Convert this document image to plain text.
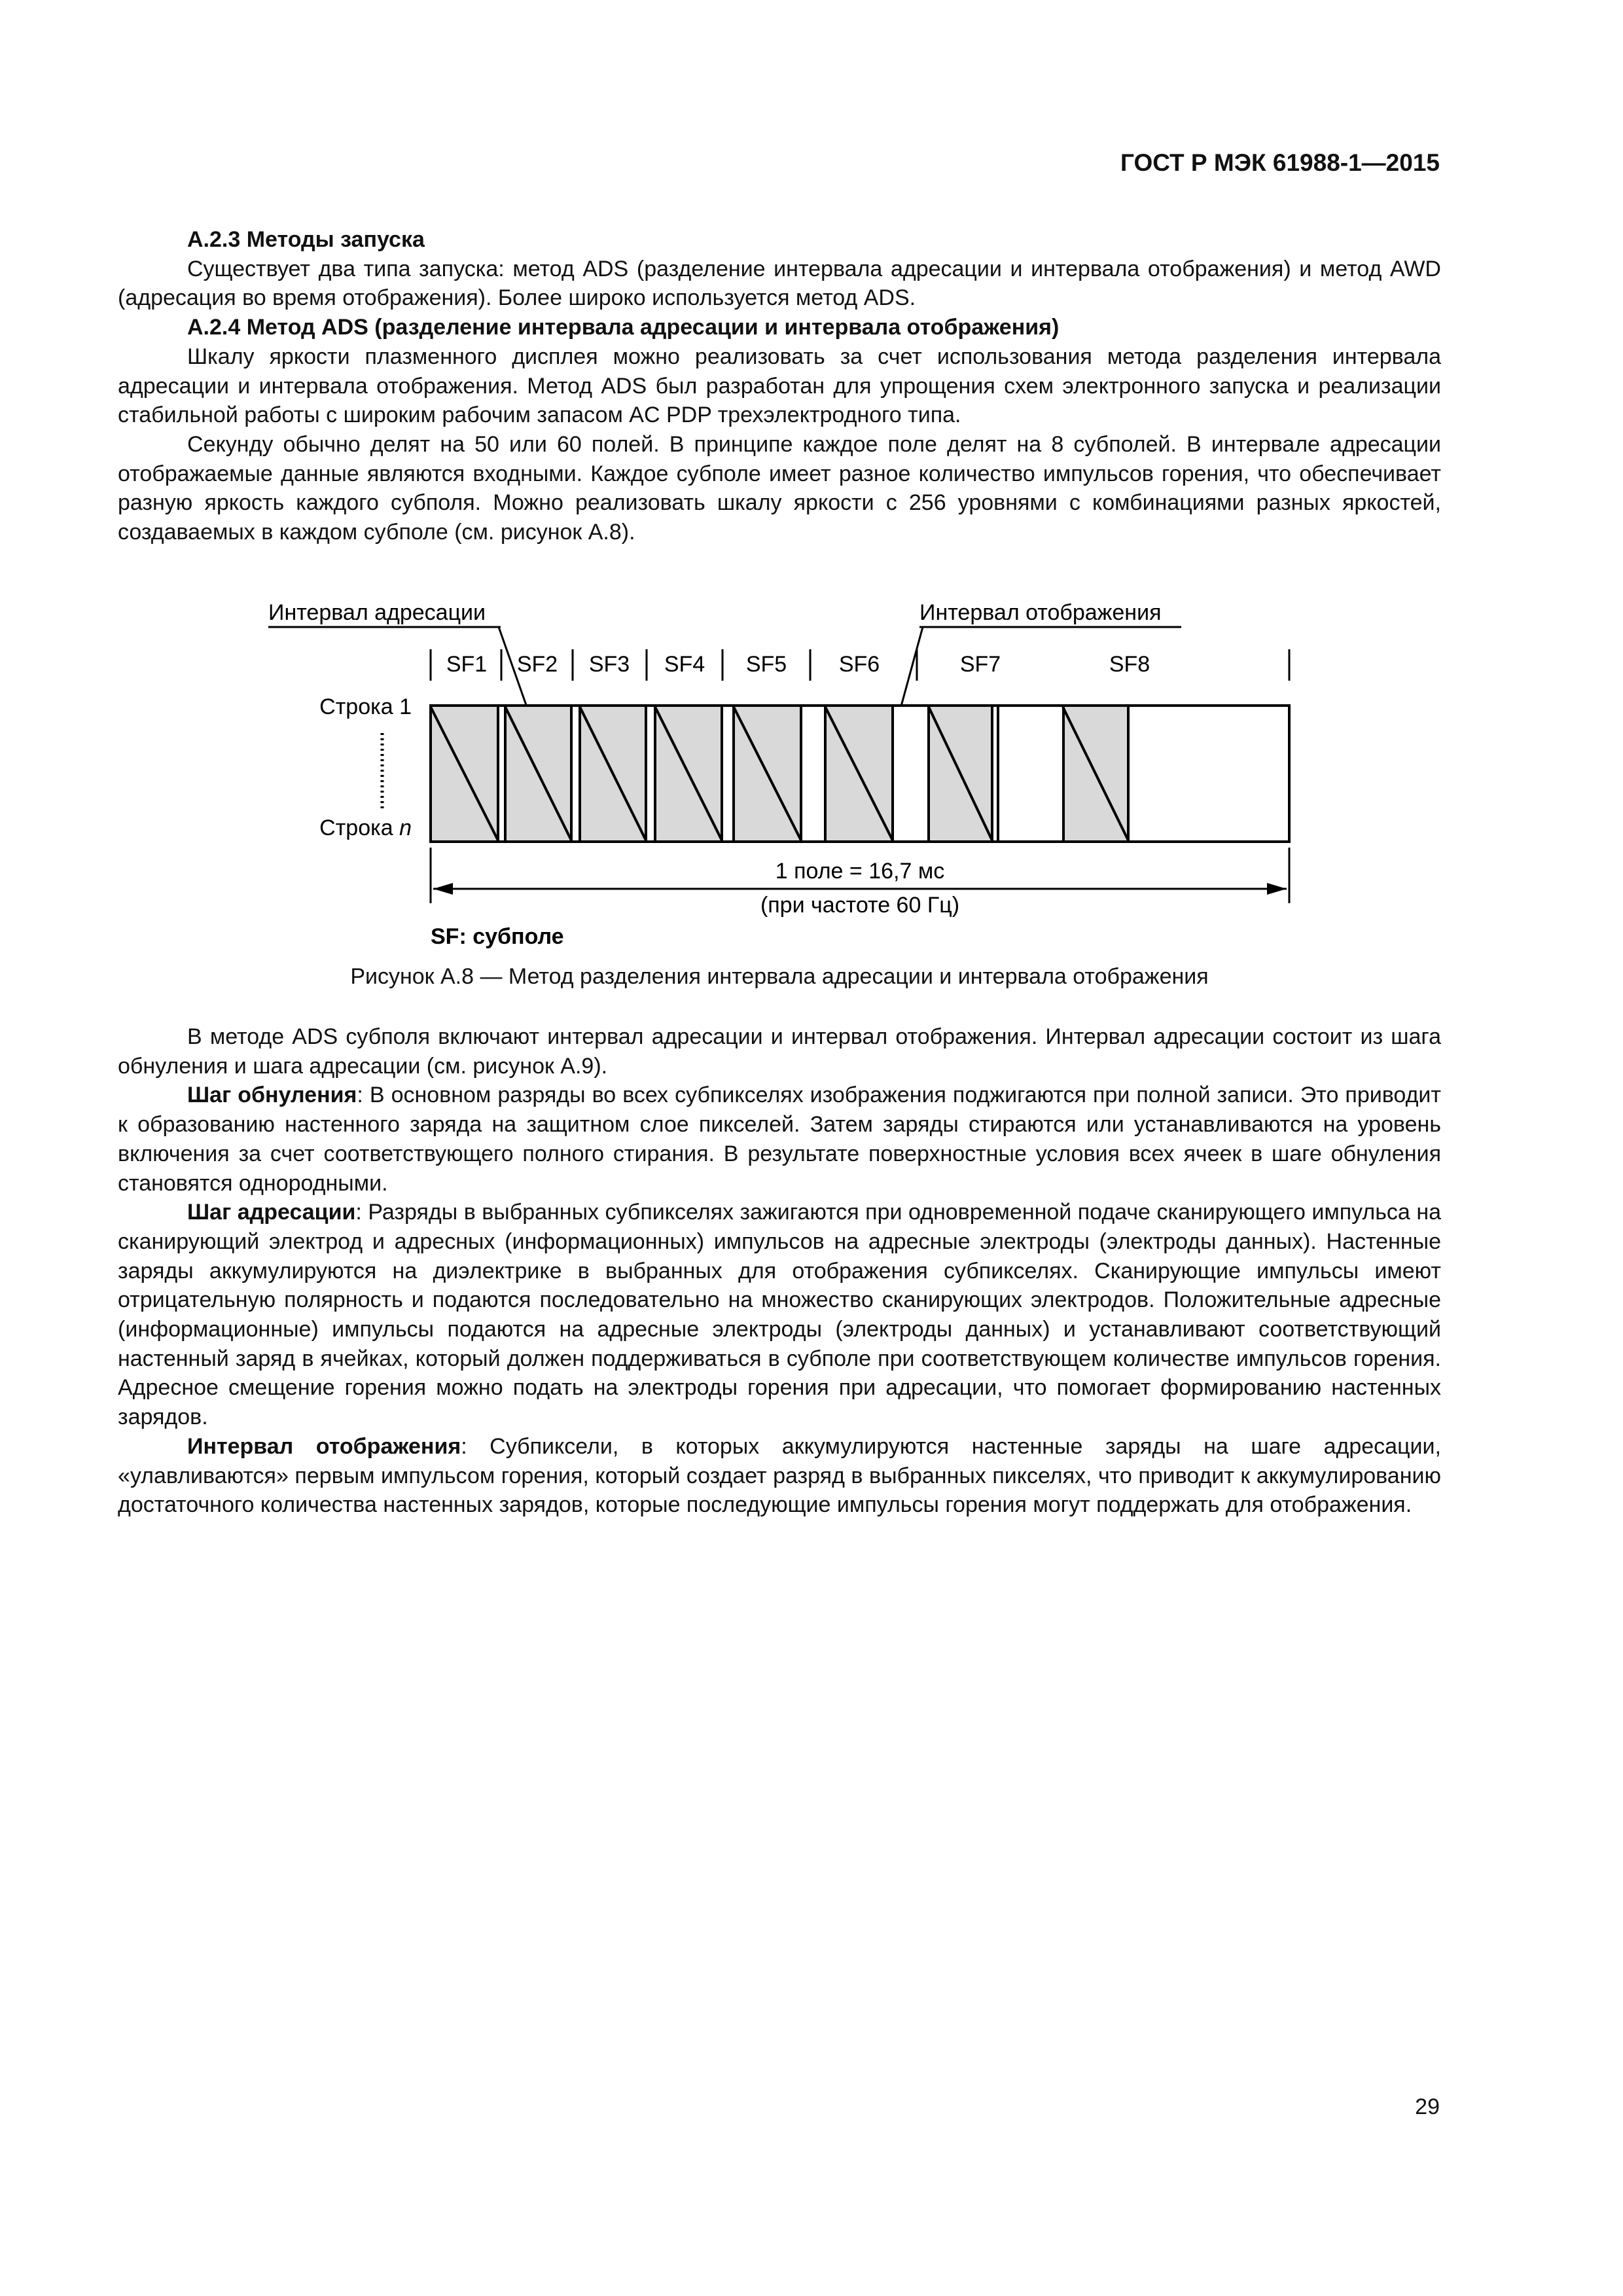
ГОСТ Р МЭК 61988-1—2015

А.2.3 Методы запуска

Существует два типа запуска: метод ADS (разделение интервала адресации и интервала отображения) и метод AWD (адресация во время отображения). Более широко используется метод ADS.

А.2.4 Метод ADS (разделение интервала адресации и интервала отображения)

Шкалу яркости плазменного дисплея можно реализовать за счет использования метода разделения интервала адресации и интервала отображения. Метод ADS был разработан для упрощения схем электронного запуска и реализации стабильной работы с широким рабочим запасом AC PDP трехэлектродного типа.

Секунду обычно делят на 50 или 60 полей. В принципе каждое поле делят на 8 субполей. В интервале адресации отображаемые данные являются входными. Каждое субполе имеет разное количество импульсов горения, что обеспечивает разную яркость каждого субполя. Можно реализовать шкалу яркости с 256 уровнями с комбинациями разных яркостей, создаваемых в каждом субполе (см. рисунок А.8).

Интервал адресации	Интервал отображения
SF1 SF2 SF3 SF4 SF5 SF6	SF7	SF8
Строка 1
Строка n
1 поле = 16,7 мс
(при частоте 60 Гц)
SF: субполе
Рисунок А.8 — Метод разделения интервала адресации и интервала отображения

В методе ADS субполя включают интервал адресации и интервал отображения. Интервал адресации состоит из шага обнуления и шага адресации (см. рисунок А.9).

Шаг обнуления: В основном разряды во всех субпикселях изображения поджигаются при полной записи. Это приводит к образованию настенного заряда на защитном слое пикселей. Затем заряды стираются или устанавливаются на уровень включения за счет соответствующего полного стирания. В результате поверхностные условия всех ячеек в шаге обнуления становятся однородными.

Шаг адресации: Разряды в выбранных субпикселях зажигаются при одновременной подаче сканирующего импульса на сканирующий электрод и адресных (информационных) импульсов на адресные электроды (электроды данных). Настенные заряды аккумулируются на диэлектрике в выбранных для отображения субпикселях. Сканирующие импульсы имеют отрицательную полярность и подаются последовательно на множество сканирующих электродов. Положительные адресные (информационные) импульсы подаются на адресные электроды (электроды данных) и устанавливают соответствующий настенный заряд в ячейках, который должен поддерживаться в субполе при соответствующем количестве импульсов горения. Адресное смещение горения можно подать на электроды горения при адресации, что помогает формированию настенных зарядов.

Интервал отображения: Субпиксели, в которых аккумулируются настенные заряды на шаге адресации, «улавливаются» первым импульсом горения, который создает разряд в выбранных пикселях, что приводит к аккумулированию достаточного количества настенных зарядов, которые последующие импульсы горения могут поддержать для отображения.

29
